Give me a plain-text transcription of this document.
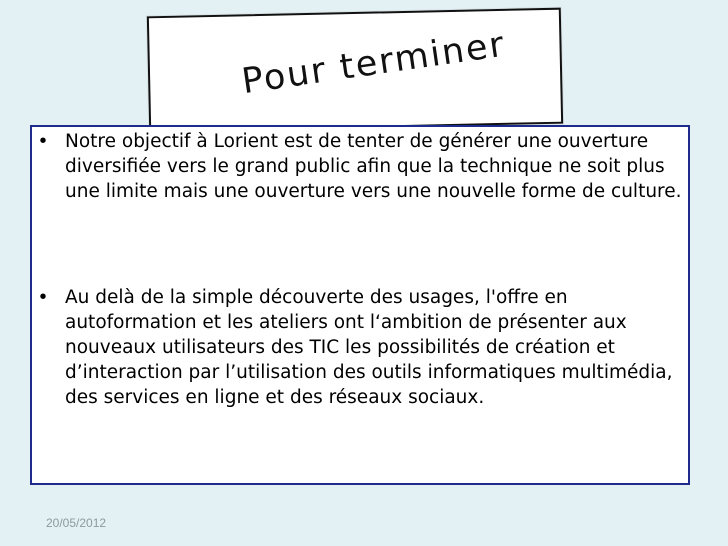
Pour terminer
•	Notre objectif à Lorient est de tenter de générer une ouverture diversifiée vers le grand public afin que la technique ne soit plus une limite mais une ouverture vers une nouvelle forme de culture.

•	Au delà de la simple découverte des usages, l'offre en autoformation et les ateliers ont l‘ambition de présenter aux nouveaux utilisateurs des TIC les possibilités de création et d’interaction par l’utilisation des outils informatiques multimédia, des services en ligne et des réseaux sociaux.

20/05/2012
